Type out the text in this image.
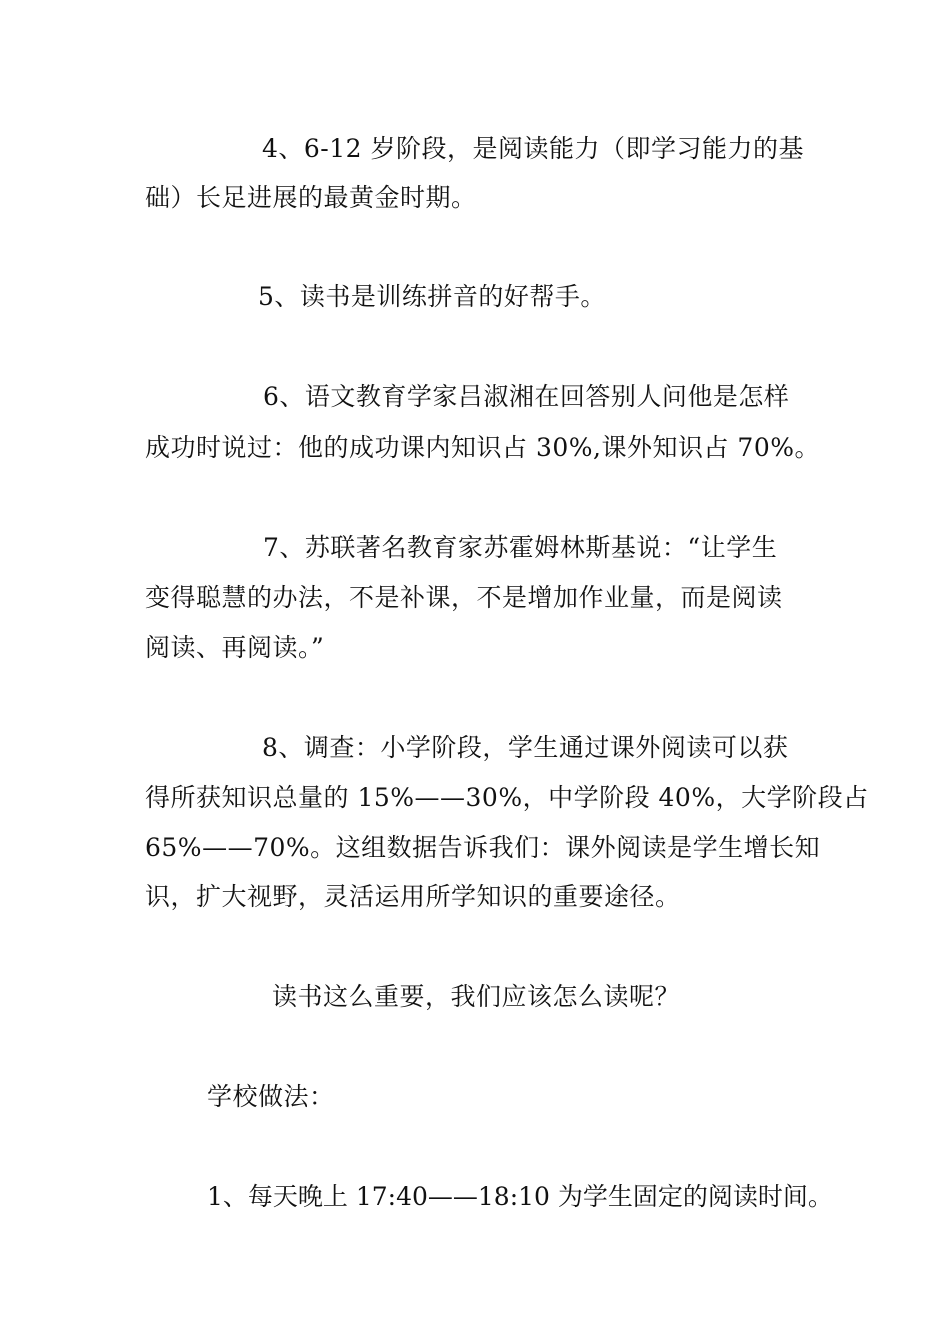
4、6-12 岁阶段，是阅读能力（即学习能力的基
础）长足进展的最黄金时期。
5、读书是训练拼音的好帮手。
6、语文教育学家吕淑湘在回答别人问他是怎样
成功时说过：他的成功课内知识占 30%,课外知识占 70%。
7、苏联著名教育家苏霍姆林斯基说：“让学生
变得聪慧的办法，不是补课，不是增加作业量，而是阅读
阅读、再阅读。”
8、调查：小学阶段，学生通过课外阅读可以获
得所获知识总量的 15%——30%，中学阶段 40%，大学阶段占
65%——70%。这组数据告诉我们：课外阅读是学生增长知
识，扩大视野，灵活运用所学知识的重要途径。
读书这么重要，我们应该怎么读呢？
学校做法：
1、每天晚上 17:40——18:10 为学生固定的阅读时间。
